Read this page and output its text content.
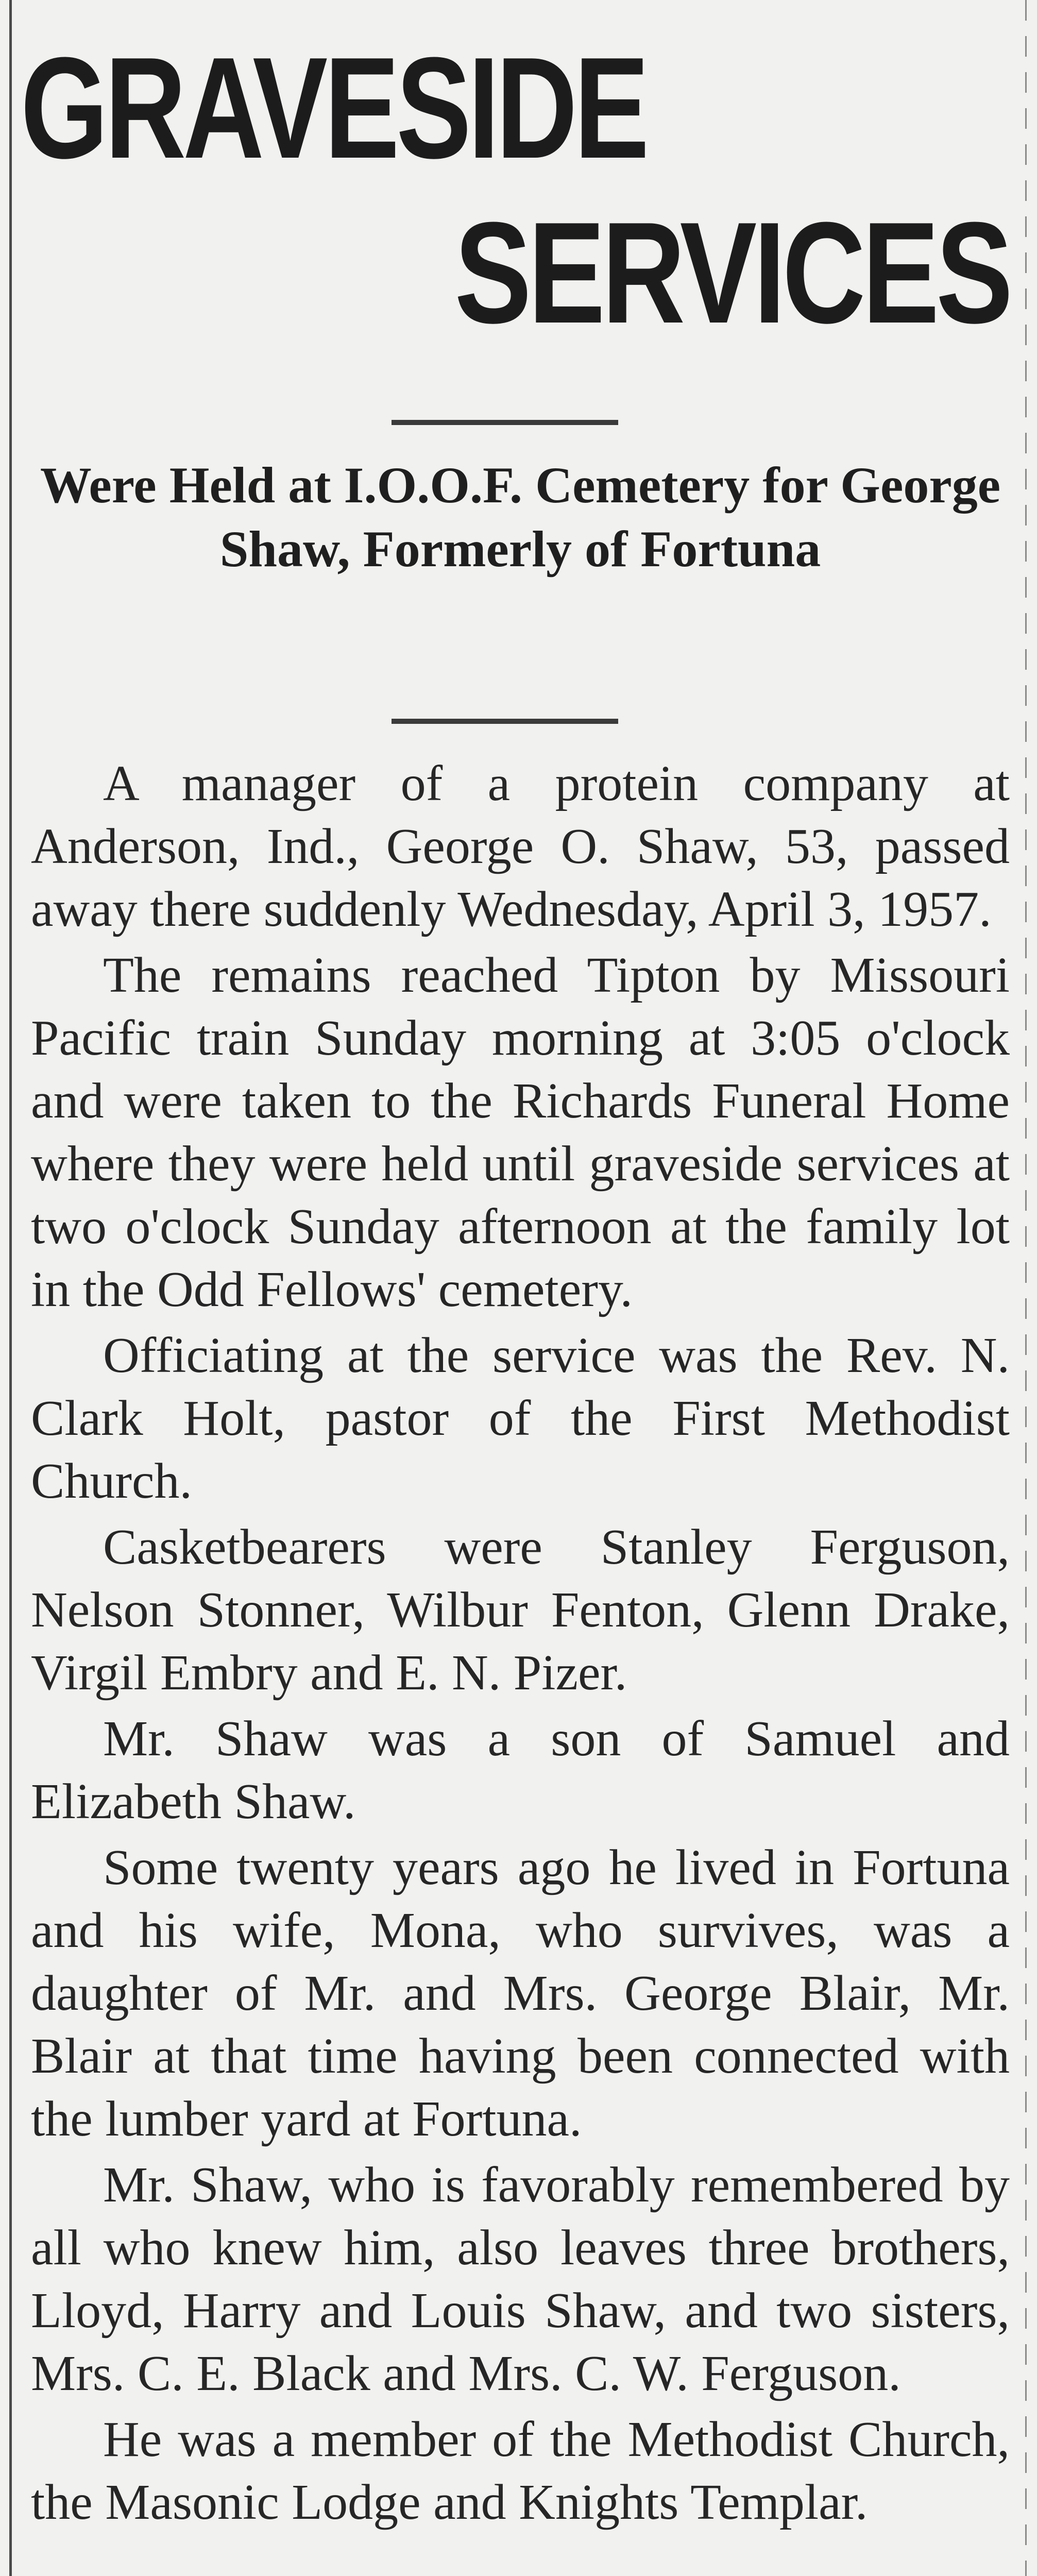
GRAVESIDE
SERVICES
Were Held at I.O.O.F. Cemetery for George Shaw, Formerly of Fortuna

A manager of a protein company at Anderson, Ind., George O. Shaw, 53, passed away there suddenly Wednesday, April 3, 1957.

The remains reached Tipton by Missouri Pacific train Sunday morning at 3:05 o'clock and were taken to the Richards Funeral Home where they were held until graveside services at two o'clock Sunday afternoon at the family lot in the Odd Fellows' cemetery.

Officiating at the service was the Rev. N. Clark Holt, pastor of the First Methodist Church.

Casketbearers were Stanley Ferguson, Nelson Stonner, Wilbur Fenton, Glenn Drake, Virgil Embry and E. N. Pizer.

Mr. Shaw was a son of Samuel and Elizabeth Shaw.

Some twenty years ago he lived in Fortuna and his wife, Mona, who survives, was a daughter of Mr. and Mrs. George Blair, Mr. Blair at that time having been connected with the lumber yard at Fortuna.

Mr. Shaw, who is favorably remembered by all who knew him, also leaves three brothers, Lloyd, Harry and Louis Shaw, and two sisters, Mrs. C. E. Black and Mrs. C. W. Ferguson.

He was a member of the Methodist Church, the Masonic Lodge and Knights Templar.
